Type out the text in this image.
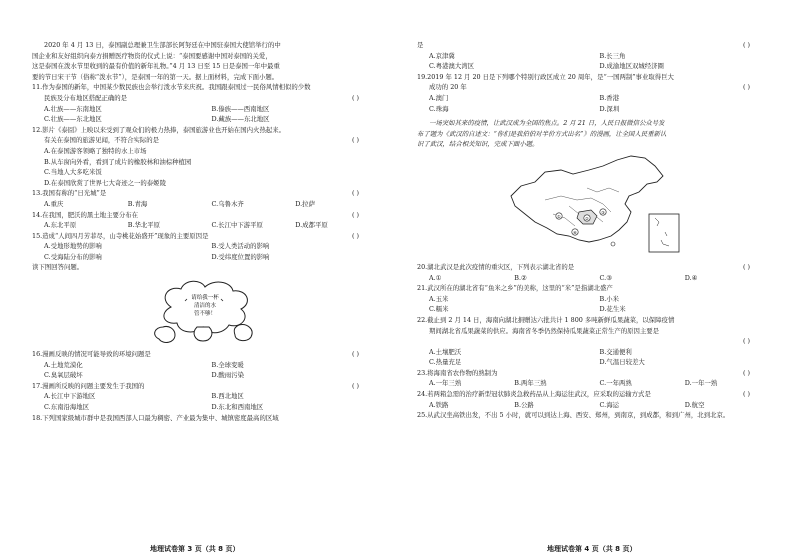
2020 年 4 月 13 日，泰国副总理兼卫生部部长阿努廷在中国驻泰国大使馆举行的中
国企业和友好组织向泰方捐赠医疗物资的仪式上说：“泰国要感谢中国对泰国的关爱，
这是泰国在泼水节里收到的最有价值的新年礼物。”4 月 13 日至 15 日是泰国一年中最重
要的节日宋干节（俗称“泼水节”），是泰国一年的第一天。据上面材料，完成下面小题。
11.作为泰国的新年，中国某少数民族也会举行泼水节来庆祝。我国跟泰国过一民俗风情相似的少数
民族及分布地区搭配正确的是	( )
A.壮族——东南地区	B.傣族——西南地区
C.壮族——东北地区	D.藏族——东北地区
12.影片《泰囧》上映以来受到了观众们的极力热捧，泰国旅游业也开始在国内火热起来。
有关在泰国的旅游见闻，不符合实际的是	( )
A.在泰国游客领略了独特的水上市场
B.从车窗向外看，看到了成片的橡胶林和油棕种植园
C.当地人大多吃米饭
D.在泰国欣赏了世界七大奇迹之一的泰姬陵
13.我国有称的“日光城”是	( )
A.重庆	B.青海	C.乌鲁木齐	D.拉萨
14.在我国，肥沃的黑土地主要分布在	( )
A.东北平原	B.华北平原	C.长江中下游平原	D.成都平原
15.造成“人间四月芳菲尽，山寺桃花始盛开”现象的主要原因是	( )
A.受地形地势的影响	B.受人类活动的影响
C.受海陆分布的影响	D.受纬度位置的影响
读下图回答问题。
请给我一杯
清洁的水
管不够！
16.漫画反映的情况可能导致的环境问题是	( )
A.土地荒漠化	B.全球变暖
C.臭氧层破坏	D.酸雨污染
17.漫画所反映的问题主要发生于我国的	( )
A.长江中下游地区	B.西北地区
C.东南沿海地区	D.东北和西南地区
18.下列国家级城市群中是我国西部人口最为稠密、产业最为集中、城镇密度最高的区域
地理试卷第 3 页（共 8 页）
是	( )
A.京津冀	B.长三角
C.粤港澳大湾区	D.成渝地区双城经济圈
19.2019 年 12 月 20 日是下列哪个特别行政区成立 20 周年，是“一国两制”事业取得巨大
成功的 20 年	( )
A.澳门	B.香港
C.珠海	D.深圳
一场突如其来的疫情，让武汉成为全国的焦点。2 月 21 日，人民日报微信公众号发
布了题为《武汉的自述文：“你们是我伯伯对半价方式出名”》的漫画，让全国人民重新认
识了武汉，结合相关知识，完成下面小题。
①	②
③
④
20.湖北武汉是此次疫情的重灾区，下列表示湖北省的是	( )
A.①	B.②	C.③	D.④
21.武汉所在的湖北省有“鱼米之乡”的美称，这里的“米”是指湖北盛产
A.玉米	B.小米
C.糯米	D.花生米
22.截止到 2 月 14 日，海南向湖北捐赠达六批共计 1 800 多吨新鲜瓜果蔬菜，以保障疫情
期间湖北省瓜果蔬菜的供应。海南省冬季仍然保持瓜果蔬菜正常生产的原因主要是
( )
A.土壤肥沃	B.交通便利
C.热量充足	D.气温日较差大
23.将海南省农作物的熟制为	( )
A.一年三熟	B.两年三熟	C.一年两熟	D.一年一熟
24.若两箱急需的治疗新型冠状肺炎急救药品从上海运往武汉，应采取的运输方式是	( )
A.铁路	B.公路	C.海运	D.航空
25.从武汉坐高铁出发，不出 5 小时，就可以到达上海、西安、郑州，到南京，到成都，和到广州，北到北京。
地理试卷第 4 页（共 8 页）
